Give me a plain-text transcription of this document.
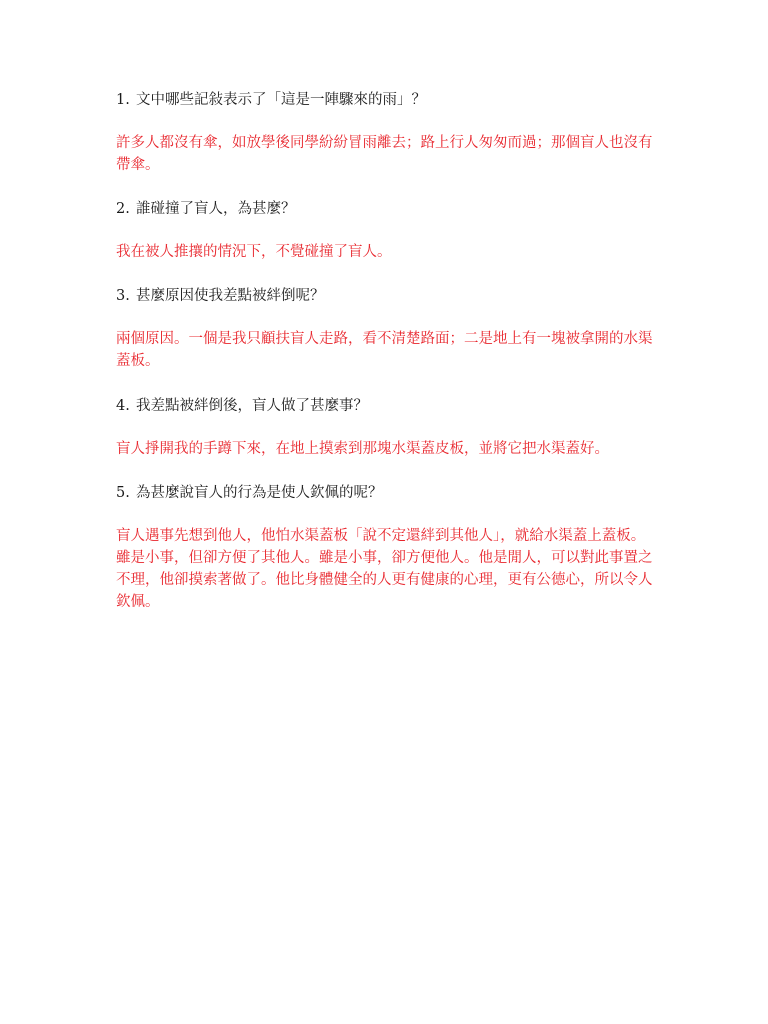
1. 文中哪些記敍表示了「這是一陣驟來的雨」？
許多人都沒有傘，如放學後同學紛紛冒雨離去；路上行人匆匆而過；那個盲人也沒有帶傘。
2. 誰碰撞了盲人，為甚麼？
我在被人推攘的情況下，不覺碰撞了盲人。
3. 甚麼原因使我差點被絆倒呢？
兩個原因。一個是我只顧扶盲人走路，看不清楚路面；二是地上有一塊被拿開的水渠蓋板。
4. 我差點被絆倒後，盲人做了甚麼事？
盲人掙開我的手蹲下來，在地上摸索到那塊水渠蓋皮板，並將它把水渠蓋好。
5. 為甚麼說盲人的行為是使人欽佩的呢？
盲人遇事先想到他人，他怕水渠蓋板「說不定還絆到其他人」，就給水渠蓋上蓋板。雖是小事，但卻方便了其他人。雖是小事，卻方便他人。他是閒人，可以對此事置之不理，他卻摸索著做了。他比身體健全的人更有健康的心理，更有公德心，所以令人欽佩。
